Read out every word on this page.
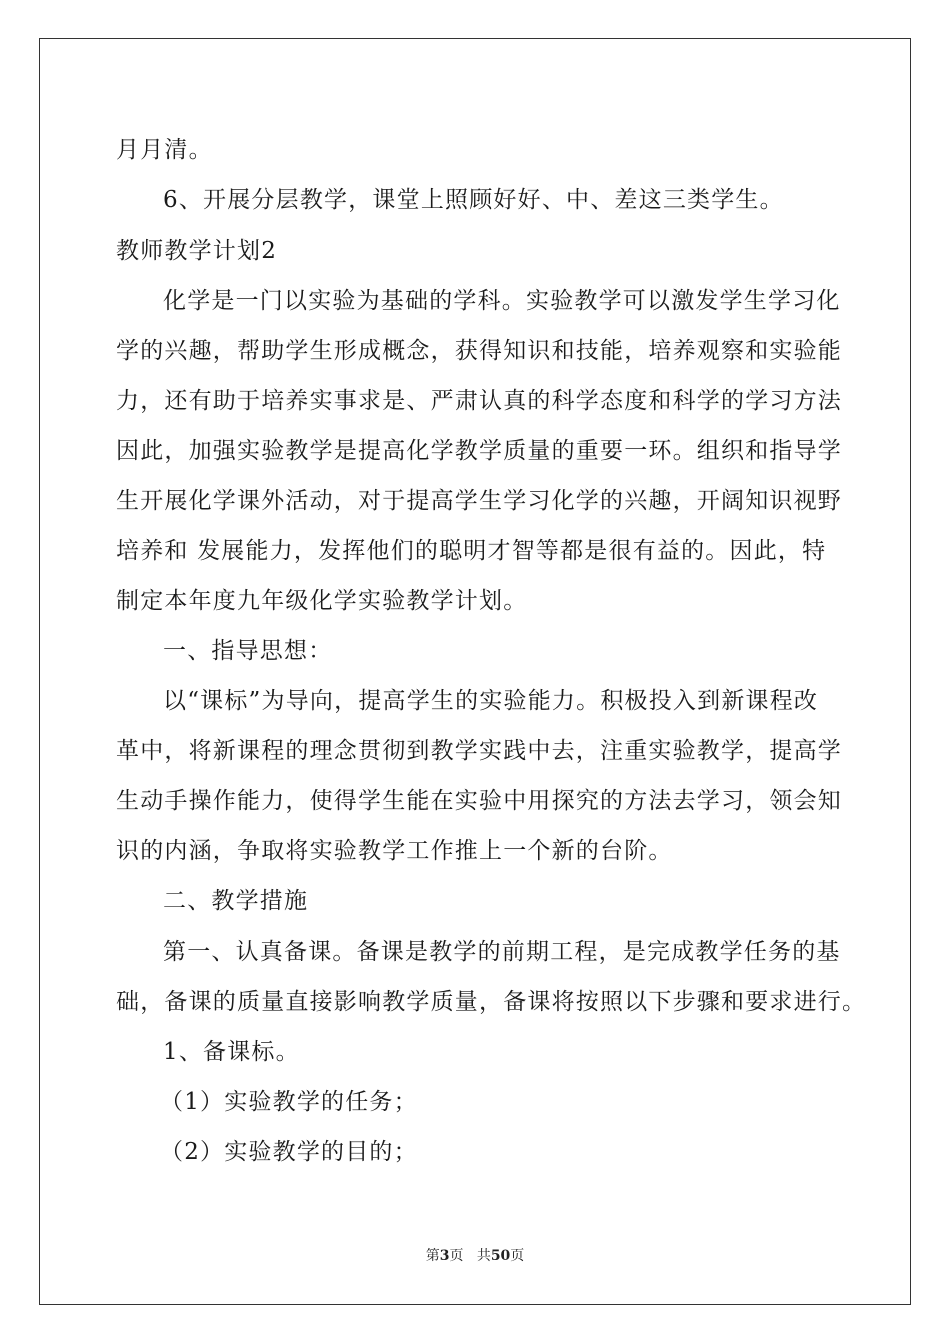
月月清。
6、开展分层教学，课堂上照顾好好、中、差这三类学生。
教师教学计划2
化学是一门以实验为基础的学科。实验教学可以激发学生学习化
学的兴趣，帮助学生形成概念，获得知识和技能，培养观察和实验能
力，还有助于培养实事求是、严肃认真的科学态度和科学的学习方法
因此，加强实验教学是提高化学教学质量的重要一环。组织和指导学
生开展化学课外活动，对于提高学生学习化学的兴趣，开阔知识视野
培养和 发展能力，发挥他们的聪明才智等都是很有益的。因此，特
制定本年度九年级化学实验教学计划。
一、指导思想：
以“课标”为导向，提高学生的实验能力。积极投入到新课程改
革中，将新课程的理念贯彻到教学实践中去，注重实验教学，提高学
生动手操作能力，使得学生能在实验中用探究的方法去学习，领会知
识的内涵，争取将实验教学工作推上一个新的台阶。
二、教学措施
第一、认真备课。备课是教学的前期工程，是完成教学任务的基
础，备课的质量直接影响教学质量，备课将按照以下步骤和要求进行。
1、备课标。
（1）实验教学的任务；
（2）实验教学的目的；
第3页 共50页
